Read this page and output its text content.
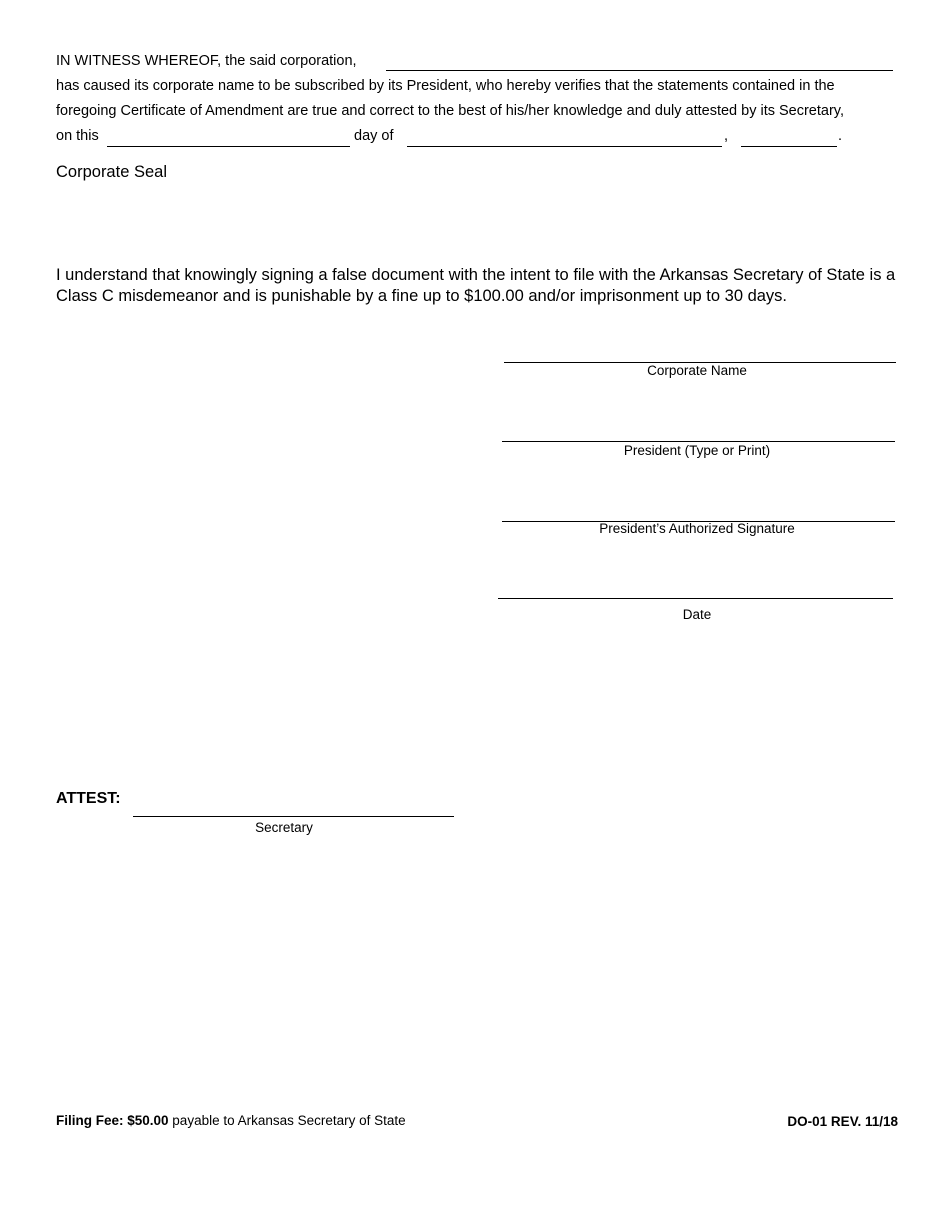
IN WITNESS WHEREOF, the said corporation,
has caused its corporate name to be subscribed by its President, who hereby verifies that the statements contained in the
foregoing Certificate of Amendment are true and correct to the best of his/her knowledge and duly attested by its Secretary,
on this	day of	,	.
Corporate Seal
I understand that knowingly signing a false document with the intent to file with the Arkansas Secretary of State is a Class C misdemeanor and is punishable by a fine up to $100.00 and/or imprisonment up to 30 days.
Corporate Name
President (Type or Print)
President’s Authorized Signature
Date
ATTEST:
Secretary
Filing Fee: $50.00 payable to Arkansas Secretary of State	DO-01 REV. 11/18
